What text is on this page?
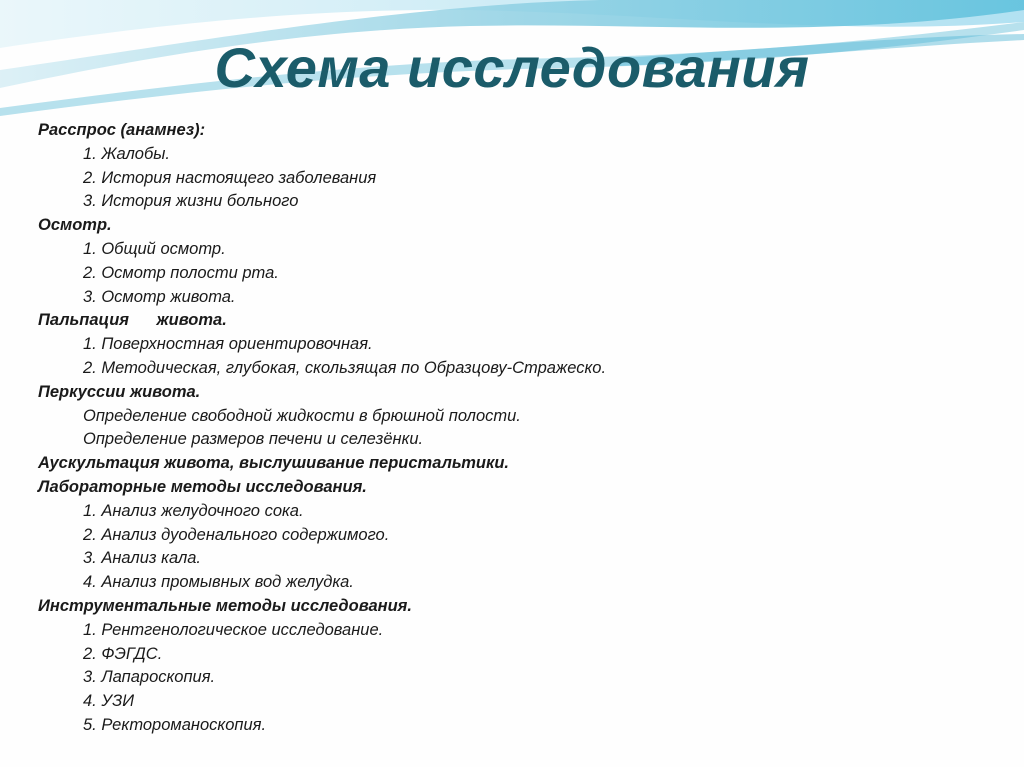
Схема исследования
Расспрос (анамнез):
1. Жалобы.
2. История настоящего заболевания
3. История жизни больного
Осмотр.
1. Общий осмотр.
2. Осмотр полости рта.
3. Осмотр живота.
Пальпация      живота.
1. Поверхностная ориентировочная.
2. Методическая, глубокая, скользящая по Образцову-Стражеско.
Перкуссии живота.
Определение свободной жидкости в брюшной полости.
Определение размеров печени и селезёнки.
Аускультация живота, выслушивание перистальтики.
Лабораторные методы исследования.
1. Анализ желудочного сока.
2. Анализ дуоденального содержимого.
3. Анализ кала.
4. Анализ промывных вод желудка.
Инструментальные методы исследования.
1. Рентгенологическое исследование.
2. ФЭГДС.
3. Лапароскопия.
4. УЗИ
5. Ректороманоскопия.
